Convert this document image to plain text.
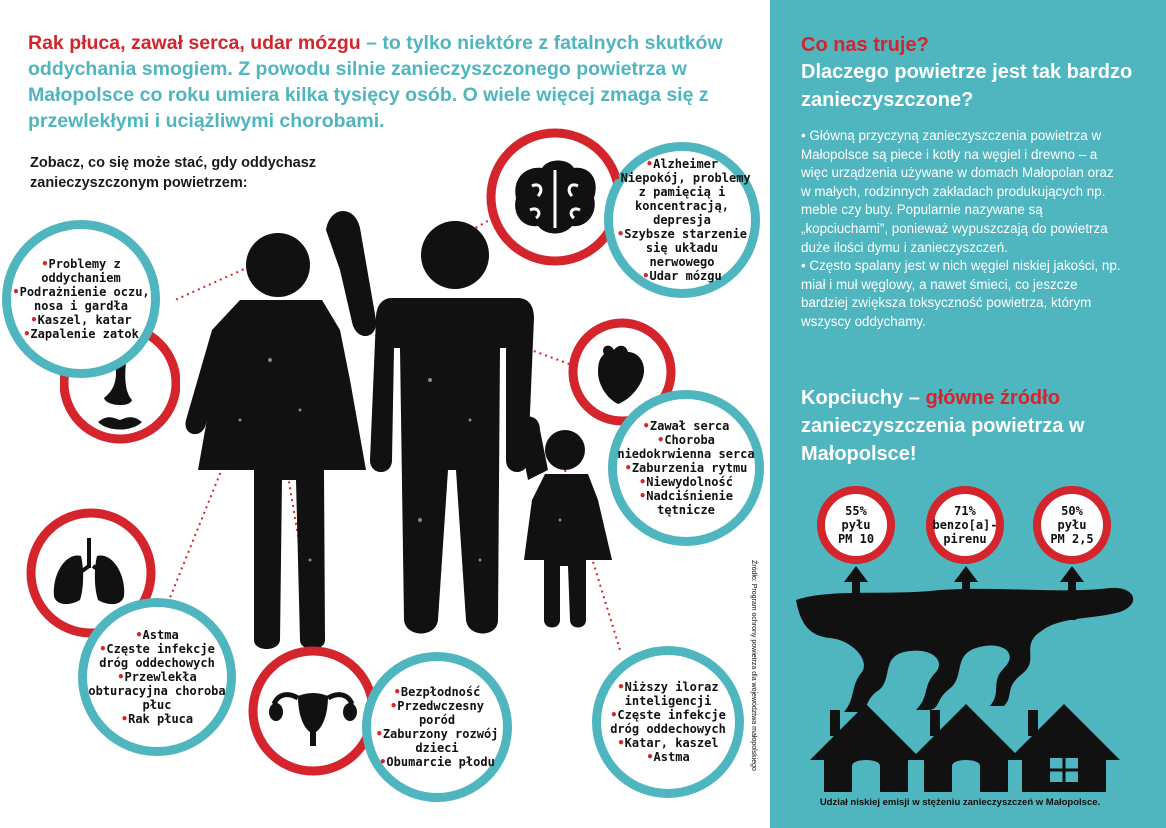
Rak płuca, zawał serca, udar mózgu – to tylko niektóre z fatalnych skutków oddychania smogiem. Z powodu silnie zanieczyszczonego powietrza w Małopolsce co roku umiera kilka tysięcy osób. O wiele więcej zmaga się z przewlekłymi i uciążliwymi chorobami.
Zobacz, co się może stać, gdy oddychasz zanieczyszczonym powietrzem:
• Problemy z oddychaniem
• Podrażnienie oczu, nosa i gardła
• Kaszel, katar
• Zapalenie zatok
• Alzheimer
• Niepokój, problemy z pamięcią i koncentracją, depresja
• Szybsze starzenie się układu nerwowego
• Udar mózgu
• Zawał serca
• Choroba niedokrwienna serca
• Zaburzenia rytmu
• Niewydolność
• Nadciśnienie tętnicze
• Astma
• Częste infekcje dróg oddechowych
• Przewlekła obturacyjna choroba płuc
• Rak płuca
• Bezpłodność
• Przedwczesny poród
• Zaburzony rozwój dzieci
• Obumarcie płodu
• Niższy iloraz inteligencji
• Częste infekcje dróg oddechowych
• Katar, kaszel
• Astma
Co nas truje?
Dlaczego powietrze jest tak bardzo zanieczyszczone?

• Główną przyczyną zanieczyszczenia powietrza w Małopolsce są piece i kotły na węgiel i drewno – a więc urządzenia używane w domach Małopolan oraz w małych, rodzinnych zakładach produkujących np. meble czy buty. Popularnie nazywane są „kopciuchami”, ponieważ wypuszczają do powietrza duże ilości dymu i zanieczyszczeń.

• Często spalany jest w nich węgiel niskiej jakości, np. miał i muł węglowy, a nawet śmieci, co jeszcze bardziej zwiększa toksyczność powietrza, którym wszyscy oddychamy.

Kopciuchy – główne źródło zanieczyszczenia powietrza w Małopolsce!
55%
pyłu
PM 10
71%
benzo[a]-
pirenu
50%
pyłu
PM 2,5
Źródło: Program ochrony powietrza dla województwa małopolskiego
Udział niskiej emisji w stężeniu zanieczyszczeń w Małopolsce.
